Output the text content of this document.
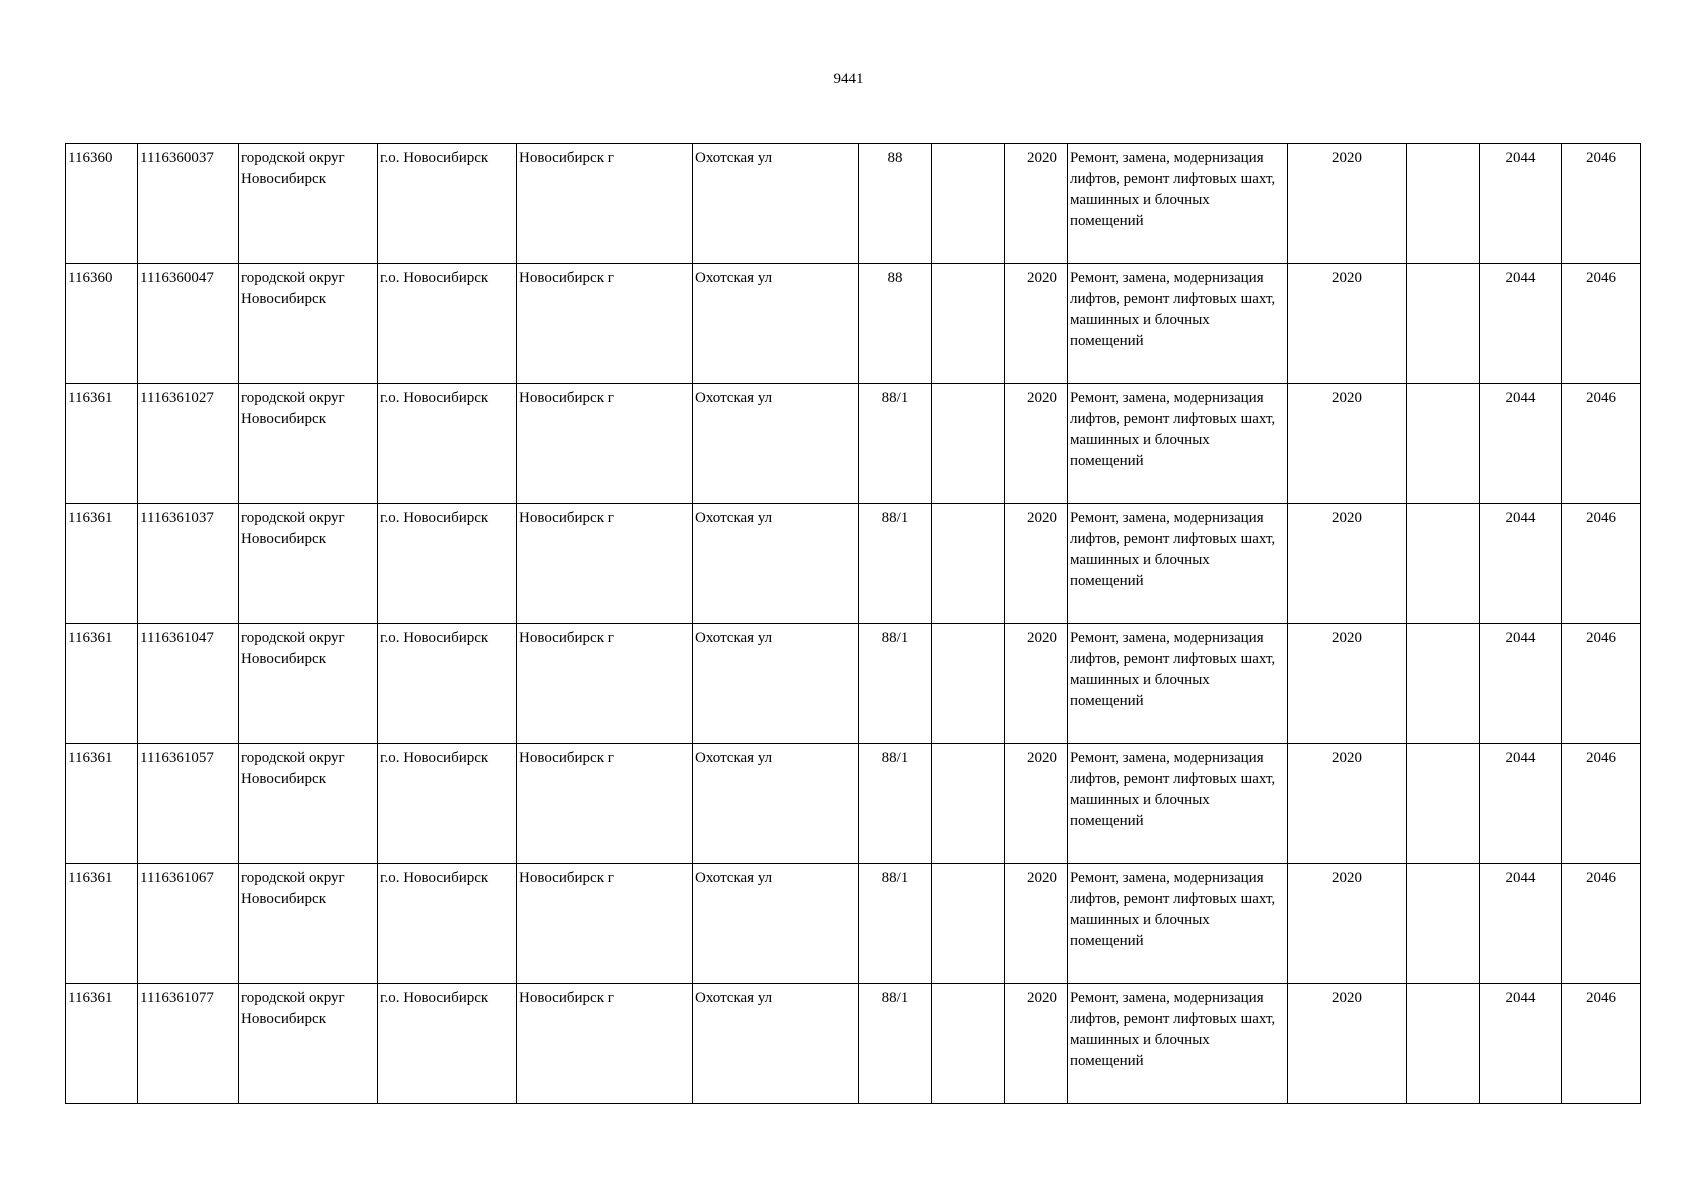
9441
116360	1116360037	городской округ Новосибирск	г.о. Новосибирск	Новосибирск г	Охотская ул	88		2020	Ремонт, замена, модернизация лифтов, ремонт лифтовых шахт, машинных и блочных помещений	2020		2044	2046
116360	1116360047	городской округ Новосибирск	г.о. Новосибирск	Новосибирск г	Охотская ул	88		2020	Ремонт, замена, модернизация лифтов, ремонт лифтовых шахт, машинных и блочных помещений	2020		2044	2046
116361	1116361027	городской округ Новосибирск	г.о. Новосибирск	Новосибирск г	Охотская ул	88/1		2020	Ремонт, замена, модернизация лифтов, ремонт лифтовых шахт, машинных и блочных помещений	2020		2044	2046
116361	1116361037	городской округ Новосибирск	г.о. Новосибирск	Новосибирск г	Охотская ул	88/1		2020	Ремонт, замена, модернизация лифтов, ремонт лифтовых шахт, машинных и блочных помещений	2020		2044	2046
116361	1116361047	городской округ Новосибирск	г.о. Новосибирск	Новосибирск г	Охотская ул	88/1		2020	Ремонт, замена, модернизация лифтов, ремонт лифтовых шахт, машинных и блочных помещений	2020		2044	2046
116361	1116361057	городской округ Новосибирск	г.о. Новосибирск	Новосибирск г	Охотская ул	88/1		2020	Ремонт, замена, модернизация лифтов, ремонт лифтовых шахт, машинных и блочных помещений	2020		2044	2046
116361	1116361067	городской округ Новосибирск	г.о. Новосибирск	Новосибирск г	Охотская ул	88/1		2020	Ремонт, замена, модернизация лифтов, ремонт лифтовых шахт, машинных и блочных помещений	2020		2044	2046
116361	1116361077	городской округ Новосибирск	г.о. Новосибирск	Новосибирск г	Охотская ул	88/1		2020	Ремонт, замена, модернизация лифтов, ремонт лифтовых шахт, машинных и блочных помещений	2020		2044	2046
